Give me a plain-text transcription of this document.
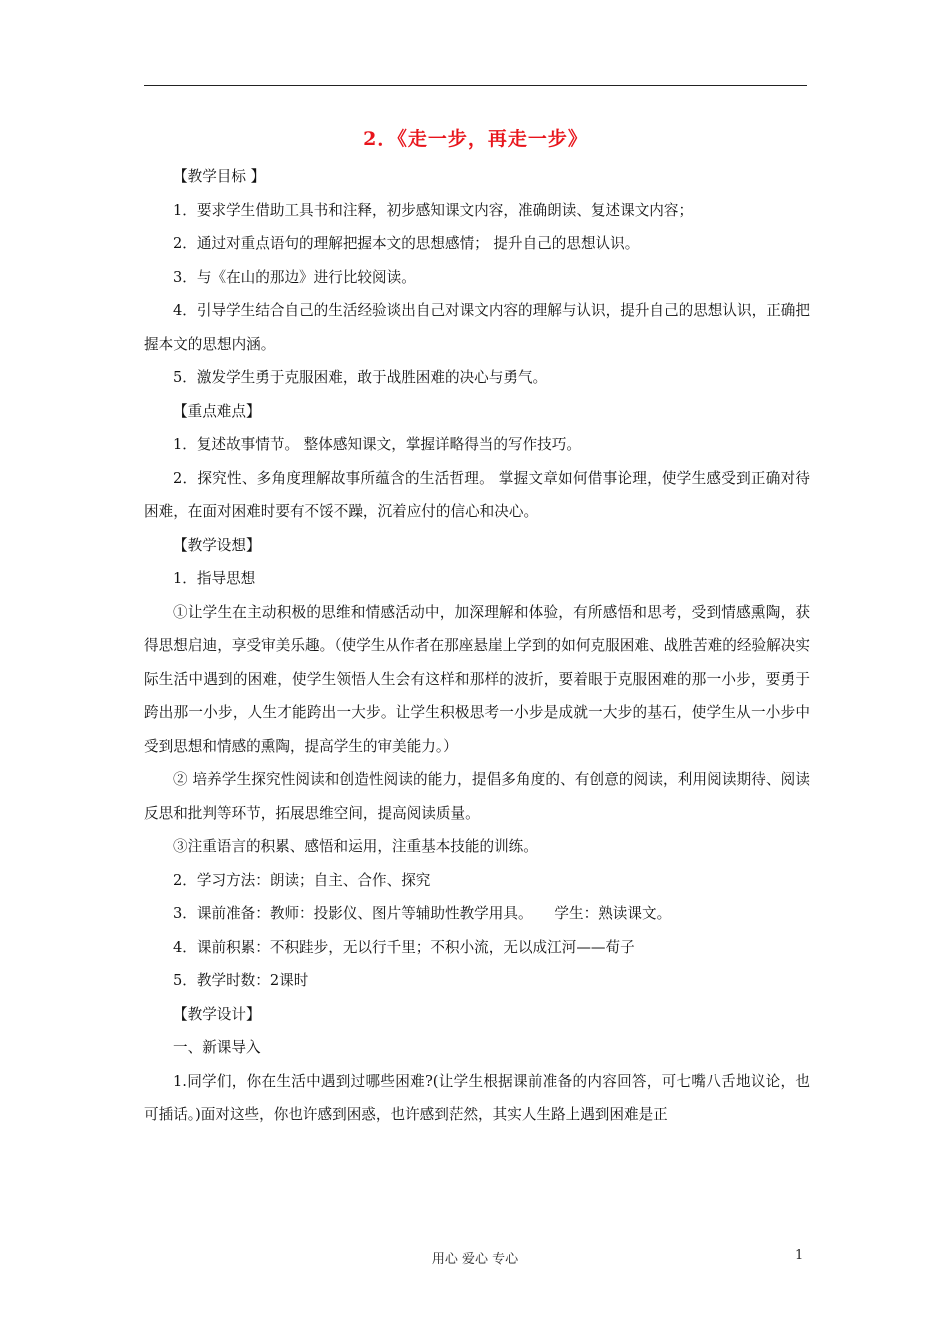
2．《走一步，再走一步》

【教学目标 】

1．要求学生借助工具书和注释，初步感知课文内容，准确朗读、复述课文内容；

2．通过对重点语句的理解把握本文的思想感情； 提升自己的思想认识。

3．与《在山的那边》进行比较阅读。

4．引导学生结合自己的生活经验谈出自己对课文内容的理解与认识，提升自己的思想认识，正确把握本文的思想内涵。

5．激发学生勇于克服困难，敢于战胜困难的决心与勇气。

【重点难点】

1．复述故事情节。 整体感知课文，掌握详略得当的写作技巧。

2．探究性、多角度理解故事所蕴含的生活哲理。 掌握文章如何借事论理，使学生感受到正确对待困难，在面对困难时要有不馁不躁，沉着应付的信心和决心。

【教学设想】

1．指导思想

①让学生在主动积极的思维和情感活动中，加深理解和体验，有所感悟和思考，受到情感熏陶，获得思想启迪，享受审美乐趣。（使学生从作者在那座悬崖上学到的如何克服困难、战胜苦难的经验解决实际生活中遇到的困难，使学生领悟人生会有这样和那样的波折，要着眼于克服困难的那一小步，要勇于跨出那一小步，人生才能跨出一大步。让学生积极思考一小步是成就一大步的基石，使学生从一小步中受到思想和情感的熏陶，提高学生的审美能力。）

② 培养学生探究性阅读和创造性阅读的能力，提倡多角度的、有创意的阅读，利用阅读期待、阅读反思和批判等环节，拓展思维空间，提高阅读质量。

③注重语言的积累、感悟和运用，注重基本技能的训练。

2．学习方法：朗读；自主、合作、探究

3．课前准备：教师：投影仪、图片等辅助性教学用具。　　学生：熟读课文。

4．课前积累：不积跬步，无以行千里；不积小流，无以成江河——荀子

5．教学时数：2课时

【教学设计】

一、新课导入

1.同学们，你在生活中遇到过哪些困难?(让学生根据课前准备的内容回答，可七嘴八舌地议论，也可插话。)面对这些，你也许感到困惑，也许感到茫然，其实人生路上遇到困难是正

用心 爱心 专心	1
